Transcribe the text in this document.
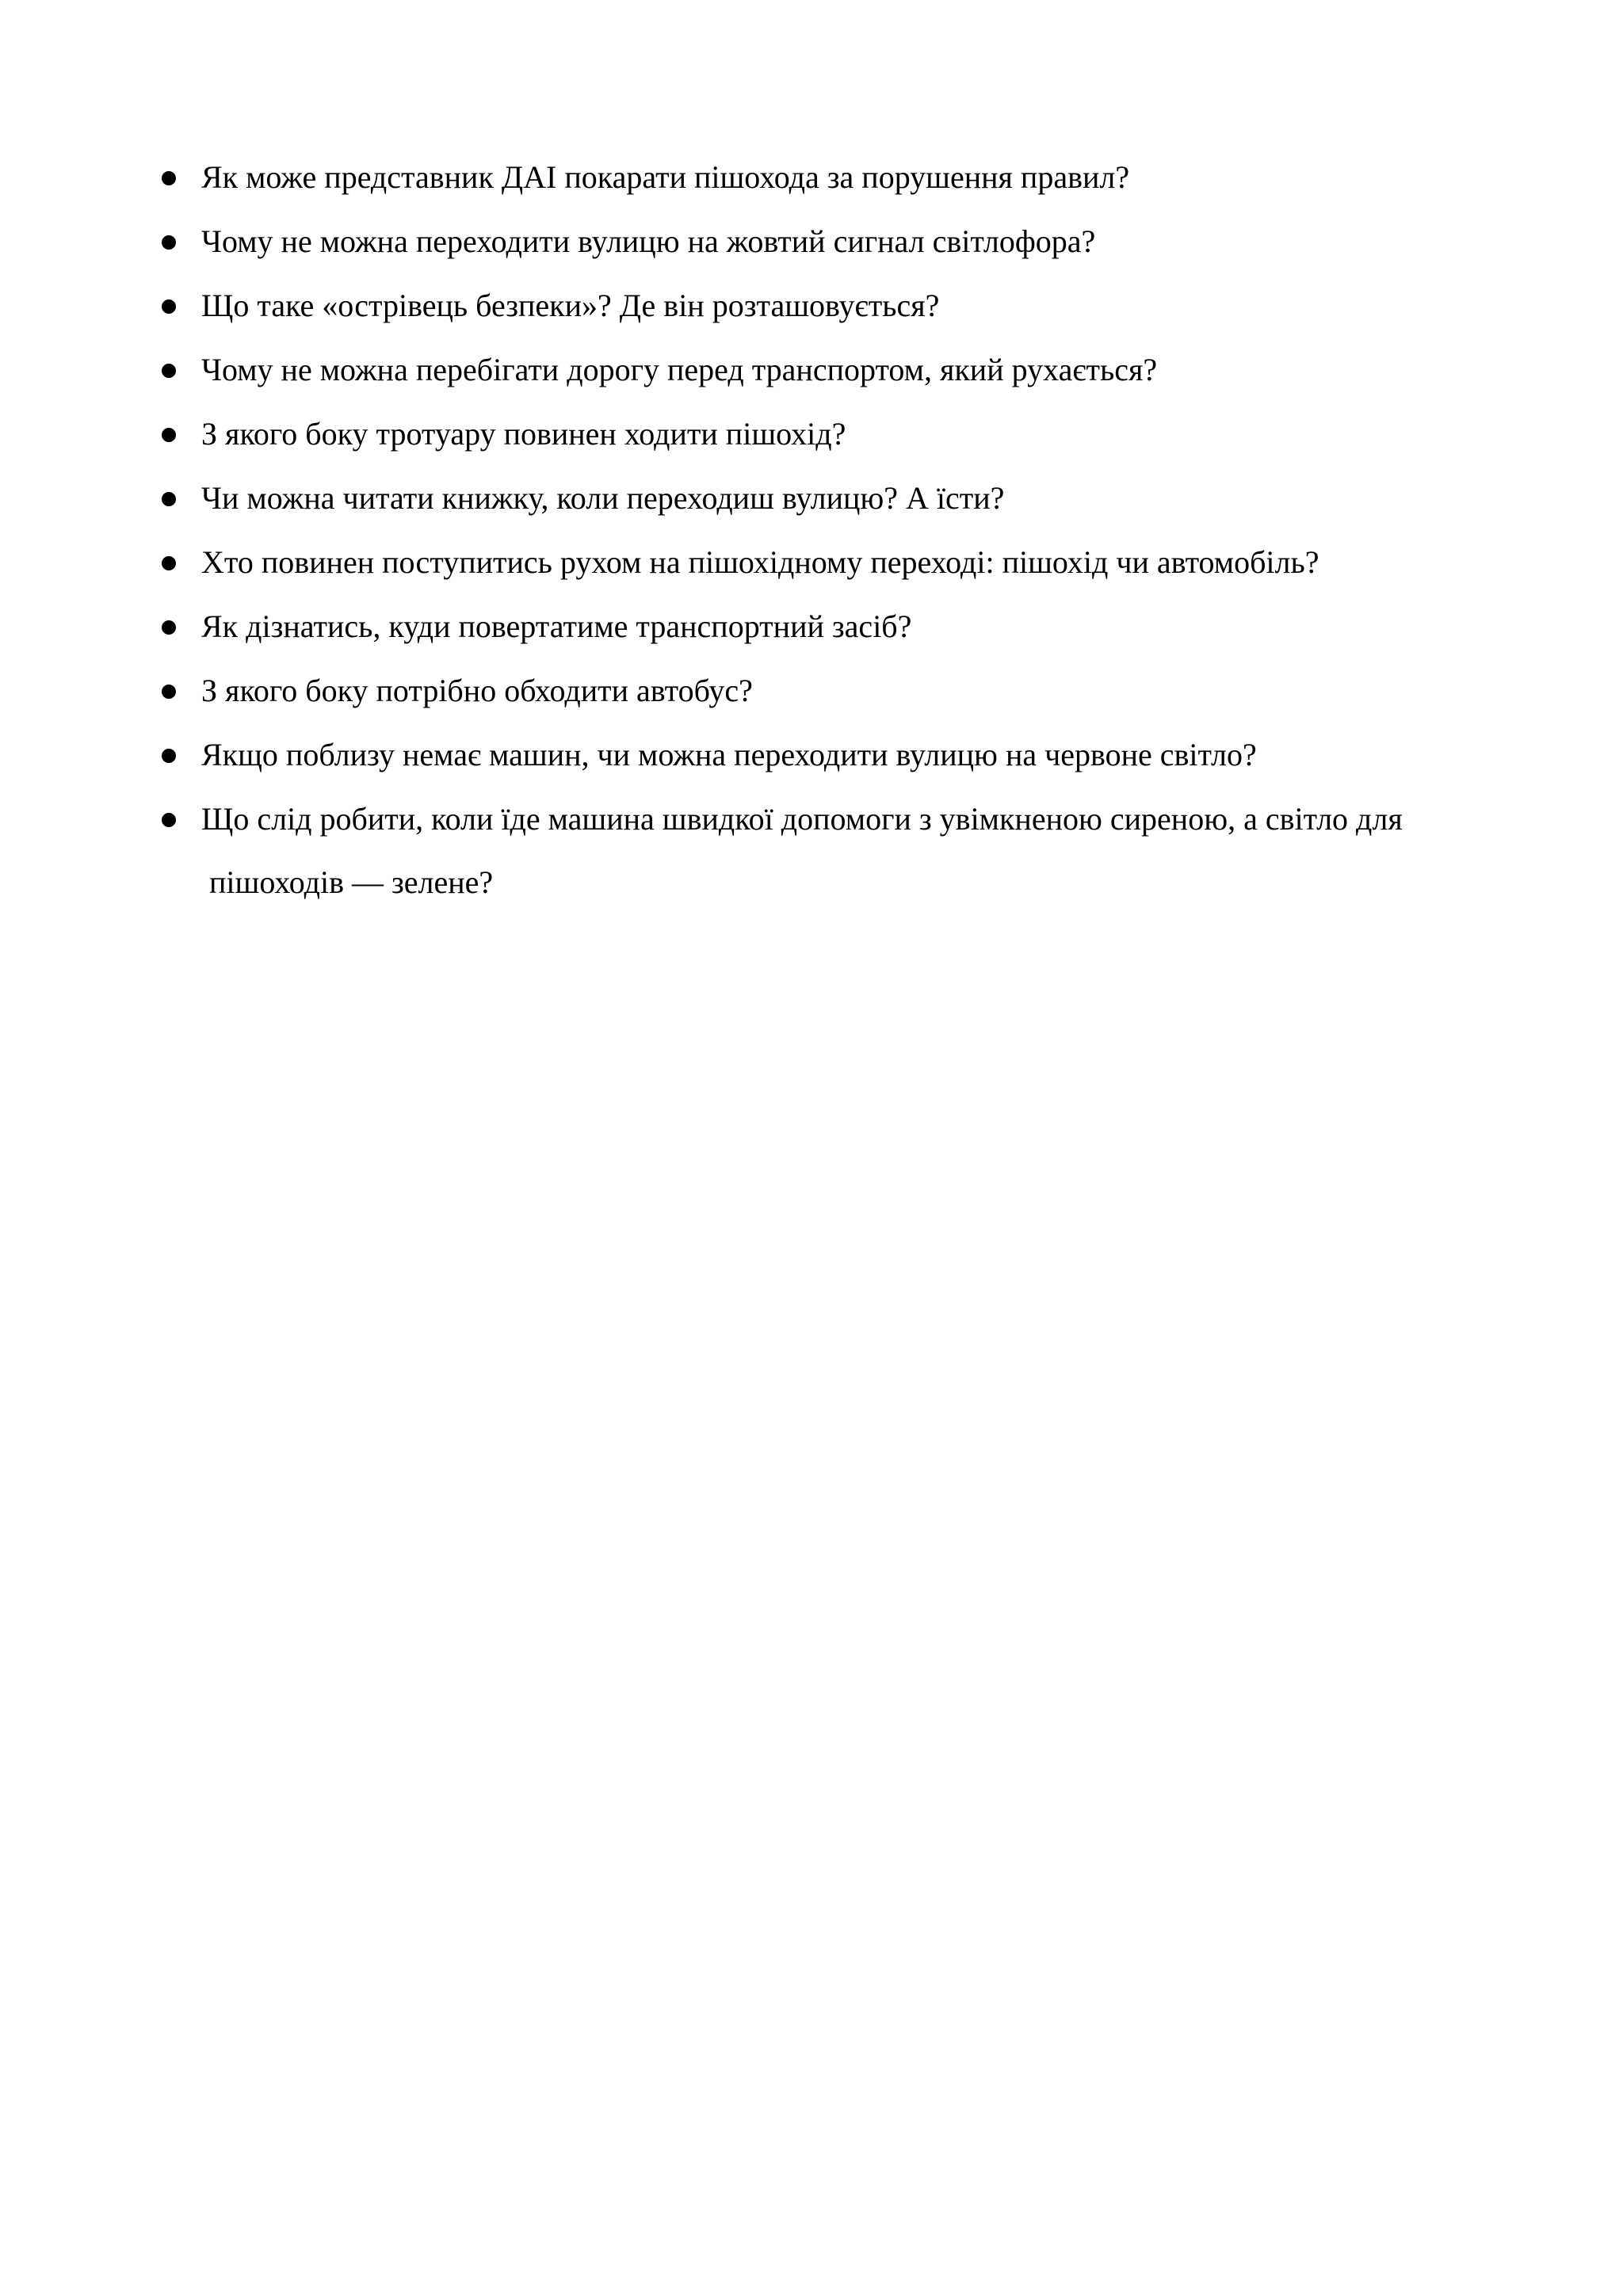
Як може представник ДАІ покарати пішохода за порушення правил?
Чому не можна переходити вулицю на жовтий сигнал світлофора?
Що таке «острівець безпеки»? Де він розташовується?
Чому не можна перебігати дорогу перед транспортом, який рухається?
З якого боку тротуару повинен ходити пішохід?
Чи можна читати книжку, коли переходиш вулицю? А їсти?
Хто повинен поступитись рухом на пішохідному переході: пішохід чи автомобіль?
Як дізнатись, куди повертатиме транспортний засіб?
З якого боку потрібно обходити автобус?
Якщо поблизу немає машин, чи можна переходити вулицю на червоне світло?
Що слід робити, коли їде машина швидкої допомоги з увімкненою сиреною, а світло для
пішоходів — зелене?
